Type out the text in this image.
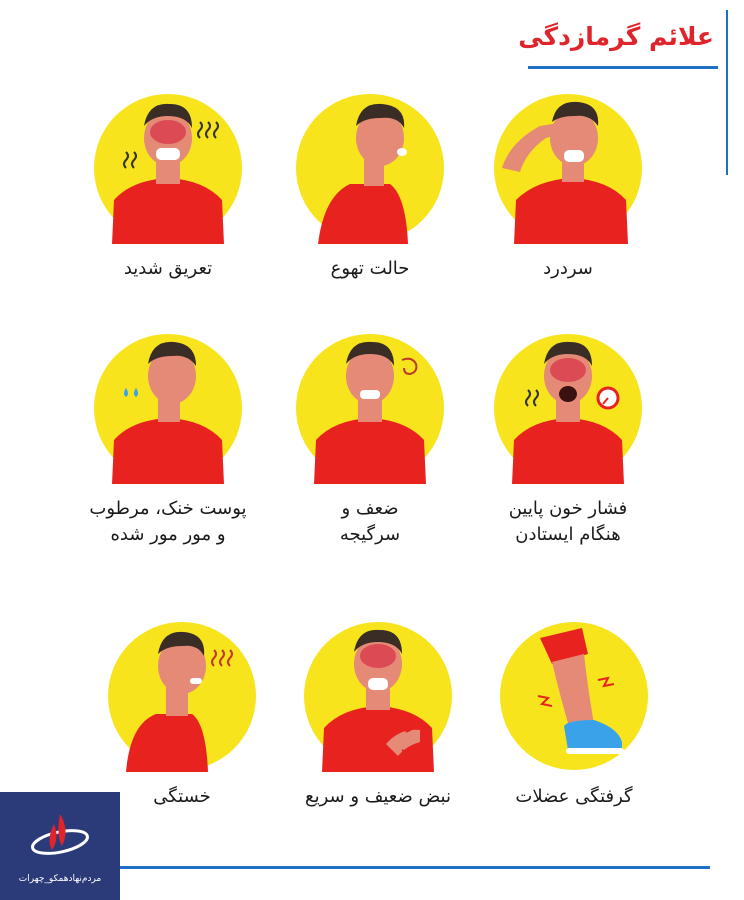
علائم گرمازدگی
تعریق شدید	حالت تهوع	سردرد
پوست خنک، مرطوب
و مور مور شده
ضعف و
سرگیجه
فشار خون پایین
هنگام ایستادن
خستگی	نبض ضعیف و سریع	گرفتگی عضلات
مردم‌نهادهمکو_چهرات
